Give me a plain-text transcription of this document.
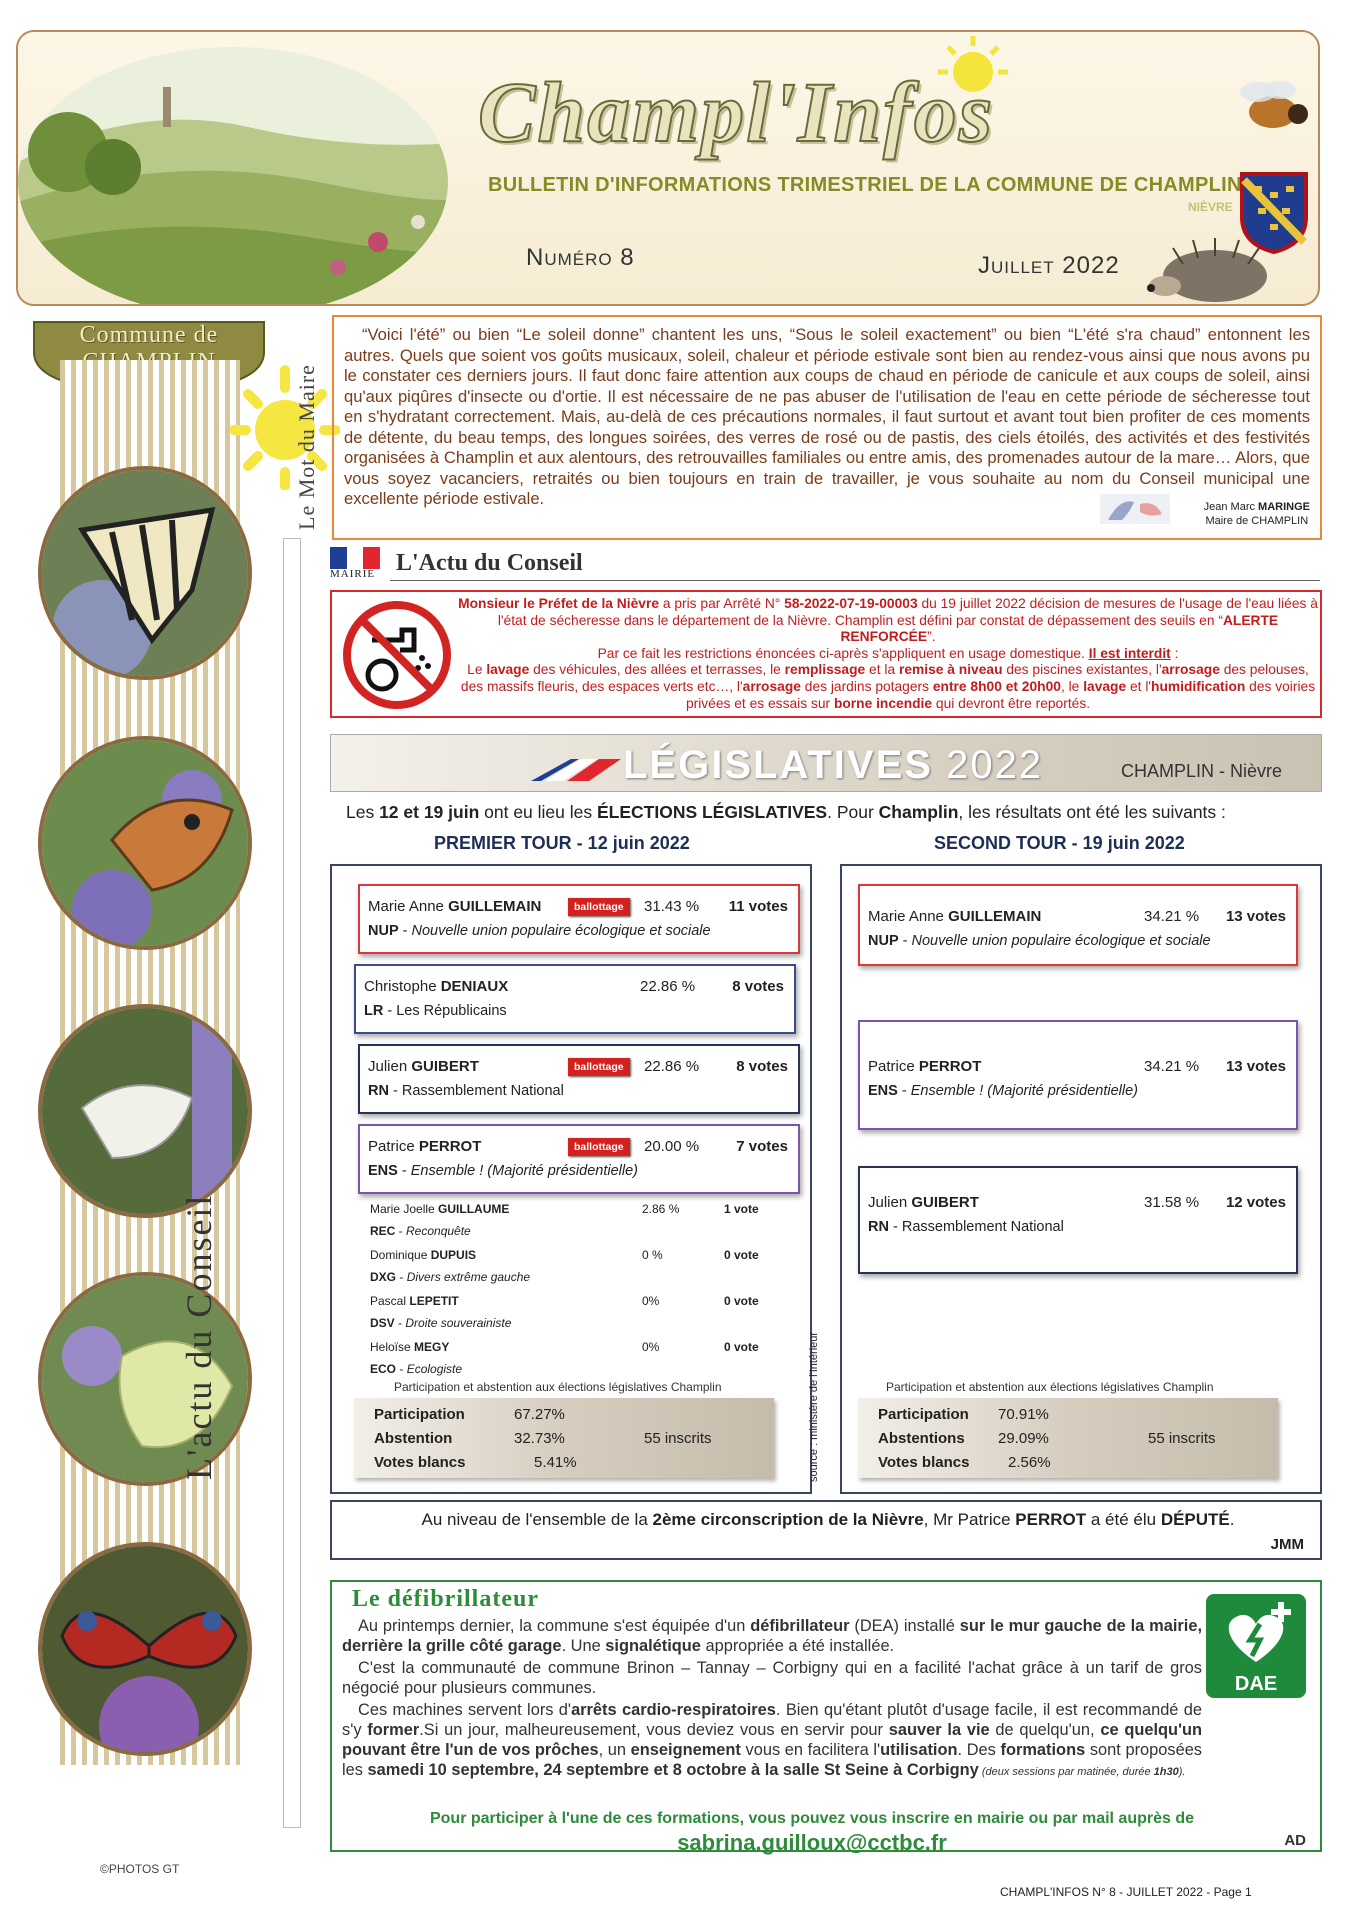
Champl'Infos
BULLETIN D'INFORMATIONS TRIMESTRIEL DE LA COMMUNE DE CHAMPLIN
NIÈVRE
Numéro 8	Juillet 2022
Commune de
©PHOTOS GT
Le Mot du Maire
L'actu du Conseil
“Voici l'été” ou bien “Le soleil donne” chantent les uns, “Sous le soleil exactement” ou bien “L'été s'ra chaud” entonnent les autres. Quels que soient vos goûts musicaux, soleil, chaleur et période estivale sont bien au rendez-vous ainsi que nous avons pu le constater ces derniers jours. Il faut donc faire attention aux coups de chaud en période de canicule et aux coups de soleil, ainsi qu'aux piqûres d'insecte ou d'ortie. Il est nécessaire de ne pas abuser de l'utilisation de l'eau en cette période de sécheresse tout en s'hydratant correctement. Mais, au-delà de ces précautions normales, il faut surtout et avant tout bien profiter de ces moments de détente, du beau temps, des longues soirées, des verres de rosé ou de pastis, des ciels étoilés, des activités et des festivités organisées à Champlin et aux alentours, des retrouvailles familiales ou entre amis, des promenades autour de la mare… Alors, que vous soyez vacanciers, retraités ou bien toujours en train de travailler, je vous souhaite au nom du Conseil municipal une excellente période estivale.	Jean Marc MARINGE
Maire de CHAMPLIN
MAIRIE L'Actu du Conseil
Monsieur le Préfet de la Nièvre a pris par Arrêté N° 58-2022-07-19-00003 du 19 juillet 2022 décision de mesures de l'usage de l'eau liées à l'état de sécheresse dans le département de la Nièvre. Champlin est défini par constat de dépassement des seuils en “ALERTE RENFORCÉE”.
Par ce fait les restrictions énoncées ci-après s'appliquent en usage domestique. Il est interdit :
Le lavage des véhicules, des allées et terrasses, le remplissage et la remise à niveau des piscines existantes, l'arrosage des pelouses, des massifs fleuris, des espaces verts etc…, l'arrosage des jardins potagers entre 8h00 et 20h00, le lavage et l'humidification des voiries privées et es essais sur borne incendie qui devront être reportés.
LÉGISLATIVES 2022	CHAMPLIN - Nièvre
Les 12 et 19 juin ont eu lieu les ÉLECTIONS LÉGISLATIVES. Pour Champlin, les résultats ont été les suivants :
PREMIER TOUR - 12 juin 2022	SECOND TOUR - 19 juin 2022
Marie Anne GUILLEMAIN	ballottage	31.43 % 11 votes
NUP - Nouvelle union populaire écologique et sociale
Christophe DENIAUX	22.86 % 8 votes
LR - Les Républicains
Julien GUIBERT	ballottage	22.86 % 8 votes
RN - Rassemblement National
Patrice PERROT	ballottage	20.00 % 7 votes
ENS - Ensemble ! (Majorité présidentielle)
Marie Joelle GUILLAUME	2.86 %	1 vote
REC - Reconquête
Dominique DUPUIS	0 %	0 vote
DXG - Divers extrême gauche
Pascal LEPETIT	0%	0 vote
DSV - Droite souverainiste
Heloïse MEGY	0%	0 vote
ECO - Ecologiste
Participation et abstention aux élections législatives Champlin
Participation	67.27%
Abstention	32.73%
Votes blancs	5.41%
55 inscrits	source : ministère de l'Intérieur
Marie Anne GUILLEMAIN	34.21 % 13 votes
NUP - Nouvelle union populaire écologique et sociale
Patrice PERROT	34.21 % 13 votes
ENS - Ensemble ! (Majorité présidentielle)
Julien GUIBERT	31.58 % 12 votes
RN - Rassemblement National
Participation et abstention aux élections législatives Champlin
Participation 70.91%
Abstentions 29.09%
Votes blancs	2.56%
55 inscrits
Au niveau de l'ensemble de la 2ème circonscription de la Nièvre, Mr Patrice PERROT a été élu DÉPUTÉ.
JMM
Le défibrillateur

Au printemps dernier, la commune s'est équipée d'un défibrillateur (DEA) installé sur le mur gauche de la mairie, derrière la grille côté garage. Une signalétique appropriée a été installée.

C'est la communauté de commune Brinon – Tannay – Corbigny qui en a facilité l'achat grâce à un tarif de gros négocié pour plusieurs communes.

Ces machines servent lors d'arrêts cardio-respiratoires. Bien qu'étant plutôt d'usage facile, il est recommandé de s'y former.Si un jour, malheureusement, vous deviez vous en servir pour sauver la vie de quelqu'un, ce quelqu'un pouvant être l'un de vos prôches, un enseignement vous en facilitera l'utilisation. Des formations sont proposées les samedi 10 septembre, 24 septembre et 8 octobre à la salle St Seine à Corbigny (deux sessions par matinée, durée 1h30).

DAE
Pour participer à l'une de ces formations, vous pouvez vous inscrire en mairie ou par mail auprès de
sabrina.guilloux@cctbc.fr	AD
CHAMPL'INFOS N° 8 - JUILLET 2022 - Page 1
